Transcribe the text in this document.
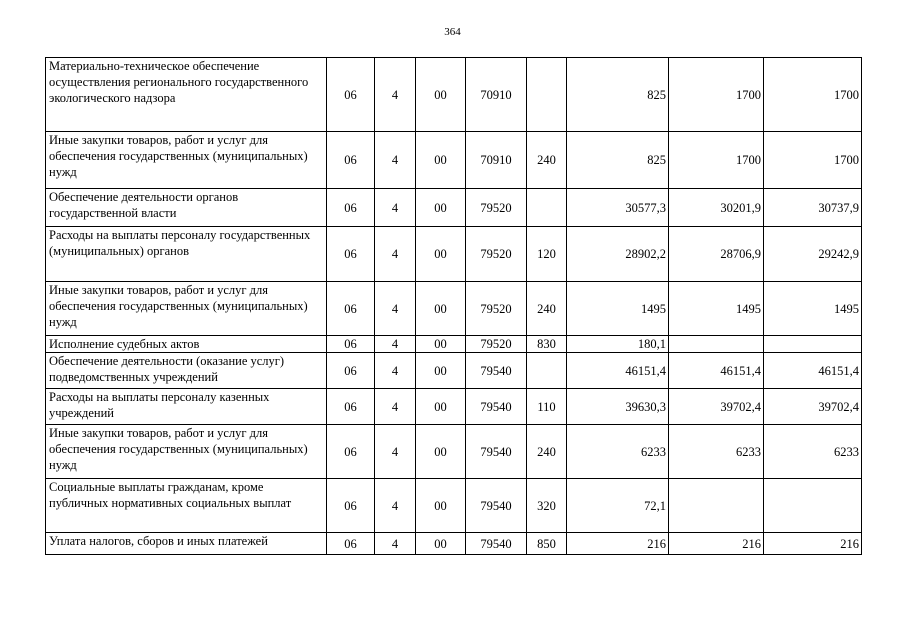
364
Материально-техническое обеспечение осуществления регионального государственного экологического надзора	06	4	00	70910		825	1700	1700
Иные закупки товаров, работ и услуг для обеспечения государственных (муниципальных) нужд	06	4	00	70910	240	825	1700	1700
Обеспечение деятельности органов государственной власти	06	4	00	79520		30577,3	30201,9	30737,9
Расходы на выплаты персоналу государственных (муниципальных) органов	06	4	00	79520	120	28902,2	28706,9	29242,9
Иные закупки товаров, работ и услуг для обеспечения государственных (муниципальных) нужд	06	4	00	79520	240	1495	1495	1495
Исполнение судебных актов	06	4	00	79520	830	180,1		
Обеспечение деятельности (оказание услуг) подведомственных учреждений	06	4	00	79540		46151,4	46151,4	46151,4
Расходы на выплаты персоналу казенных учреждений	06	4	00	79540	110	39630,3	39702,4	39702,4
Иные закупки товаров, работ и услуг для обеспечения государственных (муниципальных) нужд	06	4	00	79540	240	6233	6233	6233
Социальные выплаты гражданам, кроме публичных нормативных социальных выплат	06	4	00	79540	320	72,1		
Уплата налогов, сборов и иных платежей	06	4	00	79540	850	216	216	216
